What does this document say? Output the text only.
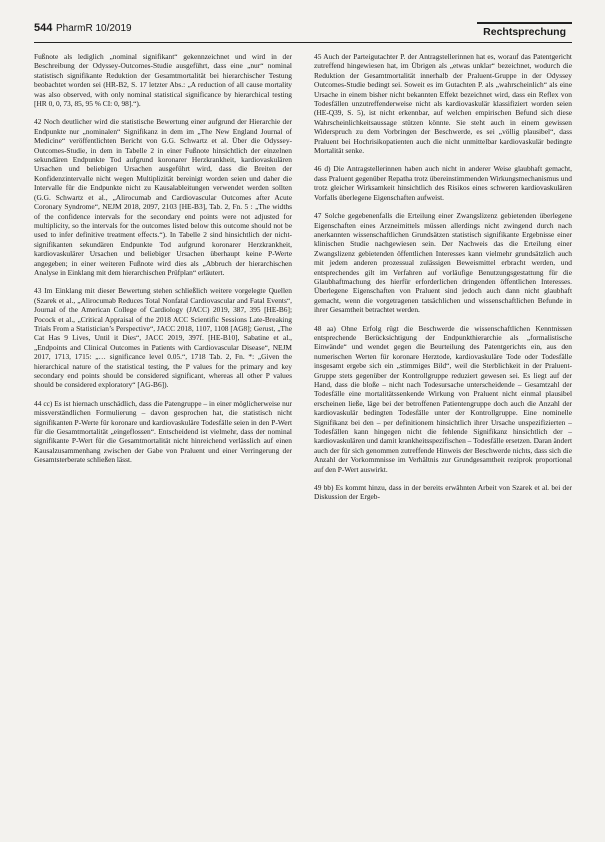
544 PharmR 10/2019	Rechtsprechung

Fußnote als lediglich „nominal signifikant“ gekennzeichnet und wird in der Beschreibung der Odyssey-Outcomes-Studie ausgeführt, dass eine „nur“ nominal statistisch signifikante Reduktion der Gesamtmortalität bei hierarchischer Testung beobachtet worden sei (HR-B2, S. 17 letzter Abs.: „A reduction of all cause mortality was also observed, with only nominal statistical significance by hierarchical testing [HR 0, 0, 73, 85, 95 % CI: 0, 98].“).

42 Noch deutlicher wird die statistische Bewertung einer aufgrund der Hierarchie der Endpunkte nur „nominalen“ Signifikanz in dem im „The New England Journal of Medicine“ veröffentlichten Bericht von G.G. Schwartz et al. Über die Odyssey-Outcomes-Studie, in dem in Tabelle 2 in einer Fußnote hinsichtlich der einzelnen sekundären Endpunkte Tod aufgrund koronarer Herzkrankheit, kardiovaskulären Ursachen und beliebigen Ursachen ausgeführt wird, dass die Breiten der Konfidenzintervalle nicht wegen Multiplizität bereinigt worden seien und daher die Intervalle für die Endpunkte nicht zu Kausalableitungen verwendet werden sollten (G.G. Schwartz et al., „Alirocumab and Cardiovascular Outcomes after Acute Coronary Syndrome“, NEJM 2018, 2097, 2103 [HE-B3], Tab. 2, Fn. 5 : „The widths of the confidence intervals for the secondary end points were not adjusted for multiplicity, so the intervals for the outcomes listed below this outcome should not be used to infer definitive treatment effects.“). In Tabelle 2 sind hinsichtlich der nicht-signifikanten sekundären Endpunkte Tod aufgrund koronarer Herzkrankheit, kardiovaskulärer Ursachen und beliebiger Ursachen überhaupt keine P-Werte angegeben; in einer weiteren Fußnote wird dies als „Abbruch der hierarchischen Analyse in Einklang mit dem hierarchischen Prüfplan“ erläutert.

43 Im Einklang mit dieser Bewertung stehen schließlich weitere vorgelegte Quellen (Szarek et al., „Alirocumab Reduces Total Nonfatal Cardiovascular and Fatal Events“, Journal of the American College of Cardiology (JACC) 2019, 387, 395 [HE-B6]; Pocock et al., „Critical Appraisal of the 2018 ACC Scientific Sessions Late-Breaking Trials From a Statistician’s Perspective“, JACC 2018, 1107, 1108 [AG8]; Gerust, „The Cat Has 9 Lives, Until it Dies“, JACC 2019, 397f. [HE-B10], Sabatine et al., „Endpoints and Clinical Outcomes in Patients with Cardiovascular Disease“, NEJM 2017, 1713, 1715: „… significance level 0.05.“, 1718 Tab. 2, Fn. *: „Given the hierarchical nature of the statistical testing, the P values for the primary and key secondary end points should be considered significant, whereas all other P values should be considered exploratory“ [AG-B6]).

44 cc) Es ist hiernach unschädlich, dass die Patengruppe – in einer möglicherweise nur missverständlichen Formulierung – davon gesprochen hat, die statistisch nicht signifikanten P-Werte für koronare und kardiovaskuläre Todesfälle seien in den P-Wert für die Gesamtmortalität „eingeflossen“. Entscheidend ist vielmehr, dass der nominal signifikante P-Wert für die Gesamtmortalität nicht hinreichend verlässlich auf einen Kausalzusammenhang zwischen der Gabe von Praluent und einer Verringerung der Gesamtsterberate schließen lässt.

45 Auch der Parteigutachter P. der Antragstellerinnen hat es, worauf das Patentgericht zutreffend hingewiesen hat, im Übrigen als „etwas unklar“ bezeichnet, wodurch die Reduktion der Gesamtmortalität innerhalb der Praluent-Gruppe in der Odyssey Outcomes-Studie bedingt sei. Soweit es im Gutachten P. als „wahrscheinlich“ als eine Ursache in einem bisher nicht bekannten Effekt bezeichnet wird, dass ein Reflex von Todesfällen unzutreffenderweise nicht als kardiovaskulär klassifiziert worden seien (HE-Q39, S. 5), ist nicht erkennbar, auf welchen empirischen Befund sich diese Wahrscheinlichkeitsaussage stützen könnte. Sie steht auch in einem gewissen Widerspruch zu dem Vorbringen der Beschwerde, es sei „völlig plausibel“, dass Praluent bei Hochrisikopatienten auch die nicht unmittelbar kardiovaskulär bedingte Mortalität senke.

46 d) Die Antragstellerinnen haben auch nicht in anderer Weise glaubhaft gemacht, dass Praluent gegenüber Repatha trotz übereinstimmenden Wirkungsmechanismus und trotz gleicher Wirksamkeit hinsichtlich des Risikos eines schweren kardiovaskulären Vorfalls überlegene Eigenschaften aufweist.

47 Solche gegebenenfalls die Erteilung einer Zwangslizenz gebietenden überlegene Eigenschaften eines Arzneimittels müssen allerdings nicht zwingend durch nach anerkannten wissenschaftlichen Grundsätzen statistisch signifikante Ergebnisse einer klinischen Studie nachgewiesen sein. Der Nachweis das die Erteilung einer Zwangslizenz gebietenden öffentlichen Interesses kann vielmehr grundsätzlich auch mit jedem anderen prozessual zulässigen Beweismittel erbracht werden, und entsprechendes gilt im Verfahren auf vorläufige Benutzungsgestattung für die Glaubhaftmachung des hierfür erforderlichen dringenden öffentlichen Interesses. Überlegene Eigenschaften von Praluent sind jedoch auch dann nicht glaubhaft gemacht, wenn die vorgetragenen tatsächlichen und wissenschaftlichen Befunde in ihrer Gesamtheit betrachtet werden.

48 aa) Ohne Erfolg rügt die Beschwerde die wissenschaftlichen Kenntnissen entsprechende Berücksichtigung der Endpunkthierarchie als „formalistische Einwände“ und wendet gegen die Beurteilung des Patentgerichts ein, aus den numerischen Werten für koronare Herztode, kardiovaskuläre Tode oder Todesfälle insgesamt ergebe sich ein „stimmiges Bild“, weil die Sterblichkeit in der Praluent-Gruppe stets gegenüber der Kontrollgruppe reduziert gewesen sei. Es liegt auf der Hand, dass die bloße – nicht nach Todesursache unterscheidende – Gesamtzahl der Todesfälle eine mortalitätssenkende Wirkung von Praluent nicht einmal plausibel erscheinen ließe, läge bei der betroffenen Patientengruppe doch auch die Anzahl der kardiovaskulär bedingten Todesfälle unter der Kontrollgruppe. Eine nominelle Signifikanz bei den – per definitionem hinsichtlich ihrer Ursache unspezifizierten – Todesfällen kann hingegen nicht die fehlende Signifikanz hinsichtlich der – kardiovaskulären und damit krankheitsspezifischen – Todesfälle ersetzen. Daran ändert auch der für sich genommen zutreffende Hinweis der Beschwerde nichts, dass sich die Anzahl der Vorkommnisse im Verhältnis zur Grundgesamtheit reziprok proportional auf den P-Wert auswirkt.

49 bb) Es kommt hinzu, dass in der bereits erwähnten Arbeit von Szarek et al. bei der Diskussion der Ergeb-
